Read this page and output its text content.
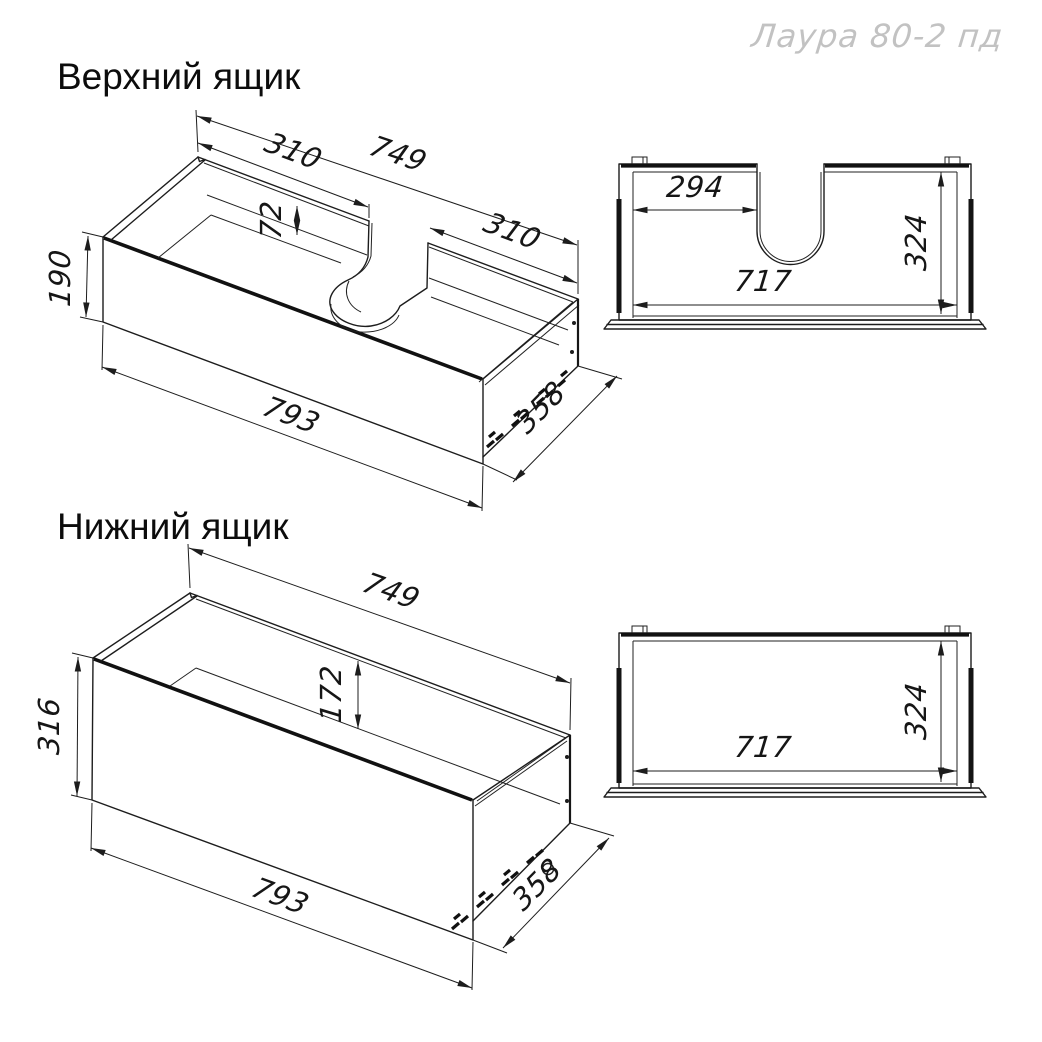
Лаура 80-2 пд
Верхний ящик
Нижний ящик
190
749
310
310
72
793	358
294
324
717
749
172
316
793	358
717
324
